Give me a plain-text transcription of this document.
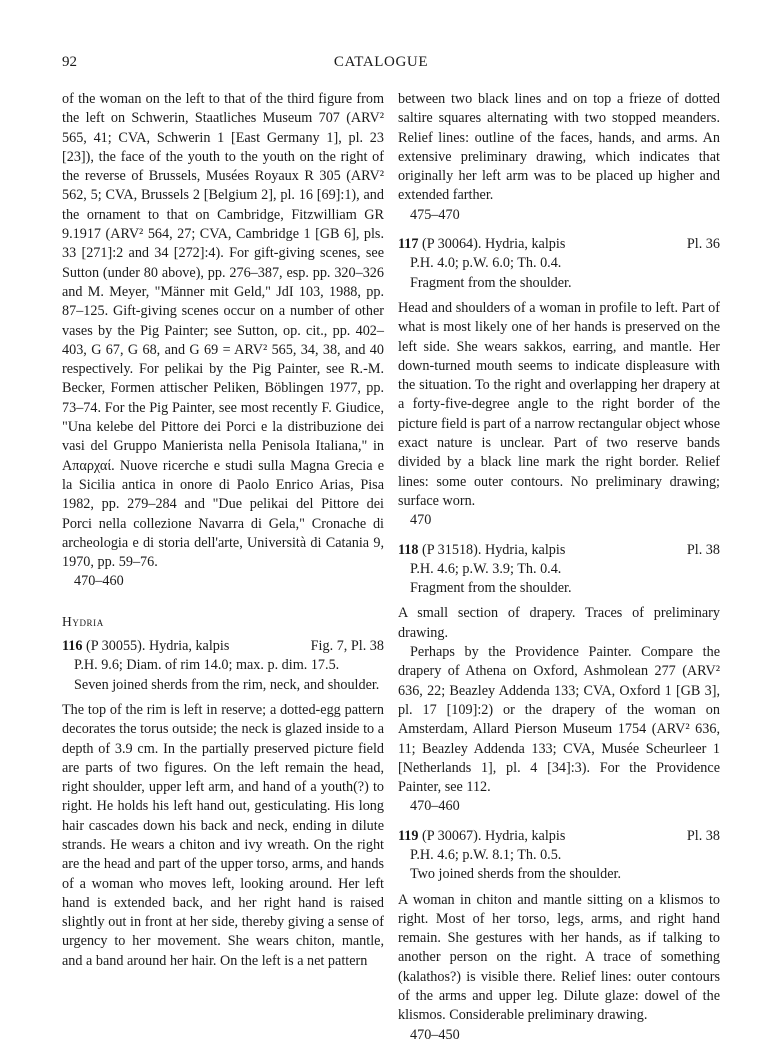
92	CATALOGUE

of the woman on the left to that of the third figure from the left on Schwerin, Staatliches Museum 707 (ARV² 565, 41; CVA, Schwerin 1 [East Germany 1], pl. 23 [23]), the face of the youth to the youth on the right of the reverse of Brussels, Musées Royaux R 305 (ARV² 562, 5; CVA, Brussels 2 [Belgium 2], pl. 16 [69]:1), and the ornament to that on Cambridge, Fitzwilliam GR 9.1917 (ARV² 564, 27; CVA, Cambridge 1 [GB 6], pls. 33 [271]:2 and 34 [272]:4). For gift-giving scenes, see Sutton (under 80 above), pp. 276–387, esp. pp. 320–326 and M. Meyer, "Männer mit Geld," JdI 103, 1988, pp. 87–125. Gift-giving scenes occur on a number of other vases by the Pig Painter; see Sutton, op. cit., pp. 402–403, G 67, G 68, and G 69 = ARV² 565, 34, 38, and 40 respectively. For pelikai by the Pig Painter, see R.-M. Becker, Formen attischer Peliken, Böblingen 1977, pp. 73–74. For the Pig Painter, see most recently F. Giudice, "Una kelebe del Pittore dei Porci e la distribuzione dei vasi del Gruppo Manierista nella Penisola Italiana," in Απαρχαί. Nuove ricerche e studi sulla Magna Grecia e la Sicilia antica in onore di Paolo Enrico Arias, Pisa 1982, pp. 279–284 and "Due pelikai del Pittore dei Porci nella collezione Navarra di Gela," Cronache di archeologia e di storia dell'arte, Università di Catania 9, 1970, pp. 59–76.

470–460

Hydria
116 (P 30055). Hydria, kalpis	Fig. 7, Pl. 38

P.H. 9.6; Diam. of rim 14.0; max. p. dim. 17.5.

Seven joined sherds from the rim, neck, and shoulder.

The top of the rim is left in reserve; a dotted-egg pattern decorates the torus outside; the neck is glazed inside to a depth of 3.9 cm. In the partially preserved picture field are parts of two figures. On the left remain the head, right shoulder, upper left arm, and hand of a youth(?) to right. He holds his left hand out, gesticulating. His long hair cascades down his back and neck, ending in dilute strands. He wears a chiton and ivy wreath. On the right are the head and part of the upper torso, arms, and hands of a woman who moves left, looking around. Her left hand is extended back, and her right hand is raised slightly out in front at her side, thereby giving a sense of urgency to her movement. She wears chiton, mantle, and a band around her hair. On the left is a net pattern

between two black lines and on top a frieze of dotted saltire squares alternating with two stopped meanders. Relief lines: outline of the faces, hands, and arms. An extensive preliminary drawing, which indicates that originally her left arm was to be placed up higher and extended farther.

475–470

117 (P 30064). Hydria, kalpis	Pl. 36

P.H. 4.0; p.W. 6.0; Th. 0.4.

Fragment from the shoulder.

Head and shoulders of a woman in profile to left. Part of what is most likely one of her hands is preserved on the left side. She wears sakkos, earring, and mantle. Her down-turned mouth seems to indicate displeasure with the situation. To the right and overlapping her drapery at a forty-five-degree angle to the right border of the picture field is part of a narrow rectangular object whose exact nature is unclear. Part of two reserve bands divided by a black line mark the right border. Relief lines: some outer contours. No preliminary drawing; surface worn.

470

118 (P 31518). Hydria, kalpis	Pl. 38

P.H. 4.6; p.W. 3.9; Th. 0.4.

Fragment from the shoulder.

A small section of drapery. Traces of preliminary drawing.

Perhaps by the Providence Painter. Compare the drapery of Athena on Oxford, Ashmolean 277 (ARV² 636, 22; Beazley Addenda 133; CVA, Oxford 1 [GB 3], pl. 17 [109]:2) or the drapery of the woman on Amsterdam, Allard Pierson Museum 1754 (ARV² 636, 11; Beazley Addenda 133; CVA, Musée Scheurleer 1 [Netherlands 1], pl. 4 [34]:3). For the Providence Painter, see 112.

470–460

119 (P 30067). Hydria, kalpis	Pl. 38

P.H. 4.6; p.W. 8.1; Th. 0.5.

Two joined sherds from the shoulder.

A woman in chiton and mantle sitting on a klismos to right. Most of her torso, legs, arms, and right hand remain. She gestures with her hands, as if talking to another person on the right. A trace of something (kalathos?) is visible there. Relief lines: outer contours of the arms and upper leg. Dilute glaze: dowel of the klismos. Considerable preliminary drawing.

470–450
